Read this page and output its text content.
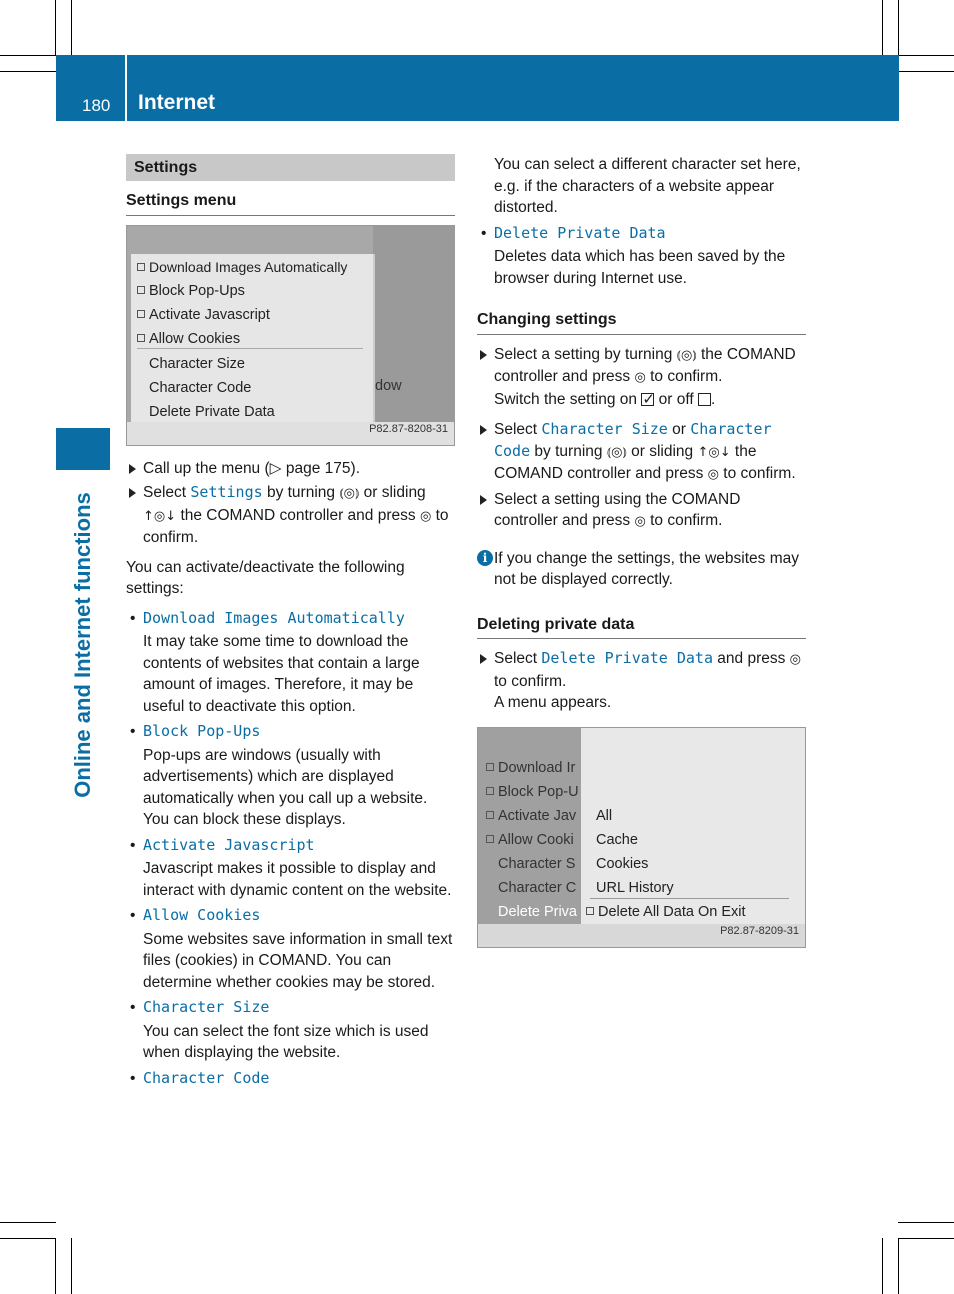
180 Internet
Online and Internet functions
Settings
Settings menu
dow
Download Images Automatically
Block Pop-Ups
Activate Javascript
Allow Cookies
Character Size
Character Code
Delete Private Data
P82.87-8208-31
Call up the menu (▷ page 175).
Select Settings by turning ⦅◎⦆ or sliding ↑◎↓ the COMAND controller and press ◎ to confirm.
You can activate/deactivate the following settings:
• Download Images Automatically
It may take some time to download the contents of websites that contain a large amount of images. Therefore, it may be useful to deactivate this option.
• Block Pop-Ups
Pop-ups are windows (usually with advertisements) which are displayed automatically when you call up a website. You can block these displays.
• Activate Javascript
Javascript makes it possible to display and interact with dynamic content on the website.
• Allow Cookies
Some websites save information in small text files (cookies) in COMAND. You can determine whether cookies may be stored.
• Character Size
You can select the font size which is used when displaying the website.
• Character Code
You can select a different character set here, e.g. if the characters of a website appear distorted.
• Delete Private Data
Deletes data which has been saved by the browser during Internet use.
Changing settings
Select a setting by turning ⦅◎⦆ the COMAND controller and press ◎ to confirm.
Switch the setting on ✓ or off .
Select Character Size or Character Code by turning ⦅◎⦆ or sliding ↑◎↓ the COMAND controller and press ◎ to confirm.
Select a setting using the COMAND controller and press ◎ to confirm.
i If you change the settings, the websites may not be displayed correctly.
Deleting private data
Select Delete Private Data and press ◎ to confirm.
A menu appears.
Download Ir
Block Pop-U
Activate Jav
Allow Cooki
Character S
Character C
Delete Priva
All
Cache
Cookies
URL History
Delete All Data On Exit
P82.87-8209-31
